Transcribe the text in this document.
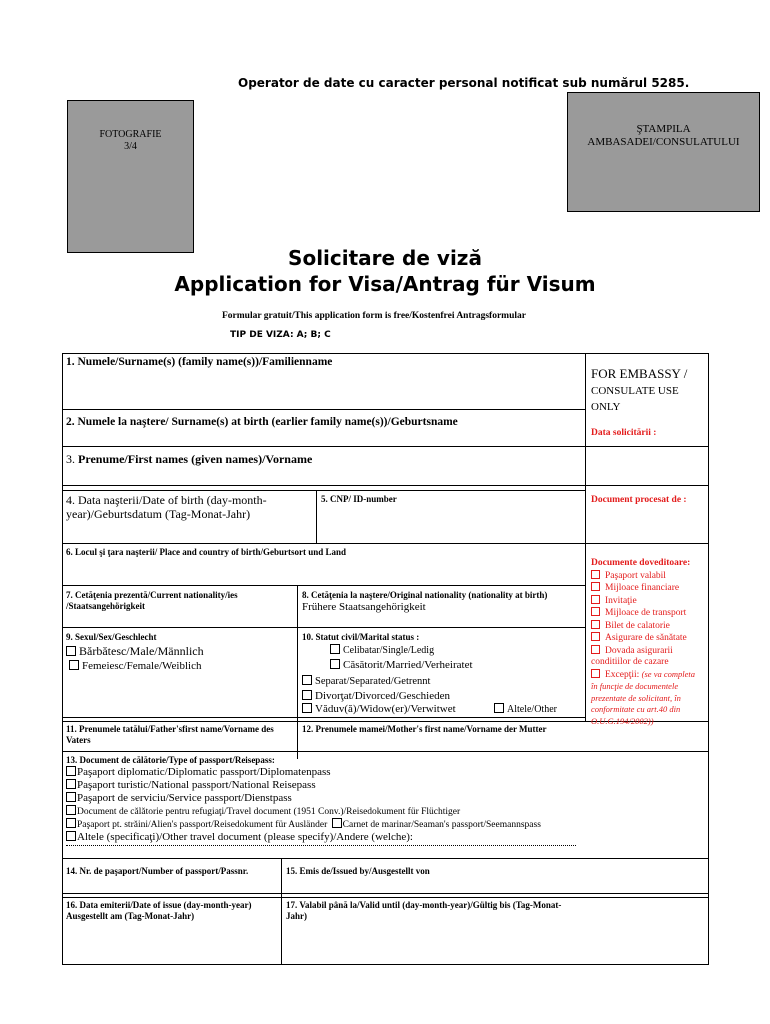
Operator de date cu caracter personal notificat sub numărul 5285.
FOTOGRAFIE
3/4
ŞTAMPILA
AMBASADEI/CONSULATULUI
Solicitare de viză
Application for Visa/Antrag für Visum
Formular gratuit/This application form is free/Kostenfrei Antragsformular
TIP DE VIZA: A; B; C
1. Numele/Surname(s) (family name(s))/Familienname
2. Numele la naştere/ Surname(s) at birth (earlier family name(s))/Geburtsname
3. Prenume/First names (given names)/Vorname
4. Data naşterii/Date of birth (day-month-year)/Geburtsdatum (Tag-Monat-Jahr)
5. CNP/ ID-number
6. Locul şi ţara naşterii/ Place and country of birth/Geburtsort und Land
7. Cetăţenia prezentă/Current nationality/ies /Staatsangehörigkeit
8. Cetăţenia la naştere/Original nationality (nationality at birth)
Frühere Staatsangehörigkeit
9. Sexul/Sex/Geschlecht
Bărbătesc/Male/Männlich
Femeiesc/Female/Weiblich
10. Statut civil/Marital status :
Celibatar/Single/Ledig
Căsătorit/Married/Verheiratet
Separat/Separated/Getrennt
Divorţat/Divorced/Geschieden
Văduv(ă)/Widow(er)/Verwitwet	Altele/Other
11. Prenumele tatălui/Father'sfirst name/Vorname des Vaters
12. Prenumele mamei/Mother's first name/Vorname der Mutter
13. Document de călătorie/Type of passport/Reisepass:
Paşaport diplomatic/Diplomatic passport/Diplomatenpass
Paşaport turistic/National passport/National Reisepass
Paşaport de serviciu/Service passport/Dienstpass
Document de călătorie pentru refugiaţi/Travel document (1951 Conv.)/Reisedokument für Flüchtiger
Paşaport pt. străini/Alien's passport/Reisedokument für Ausländer Carnet de marinar/Seaman's passport/Seemannspass
Altele (specificaţi)/Other travel document (please specify)/Andere (welche):
14. Nr. de paşaport/Number of passport/Passnr.	15. Emis de/Issued by/Ausgestellt von
16. Data emiterii/Date of issue (day-month-year) Ausgestellt am (Tag-Monat-Jahr)
17. Valabil până la/Valid until (day-month-year)/Gültig bis (Tag-Monat-Jahr)
FOR EMBASSY /
CONSULATE USE
ONLY
Data solicitării :
Document procesat de :
Documente doveditoare:
Paşaport valabil
Mijloace financiare
Invitaţie
Mijloace de transport
Bilet de calatorie
Asigurare de sănătate
Dovada asigurarii
conditiilor de cazare
Excepţii: (se va completa
în funcţie de documentele
prezentate de solicitant, în
conformitate cu art.40 din
O.U.G.194/2002))
